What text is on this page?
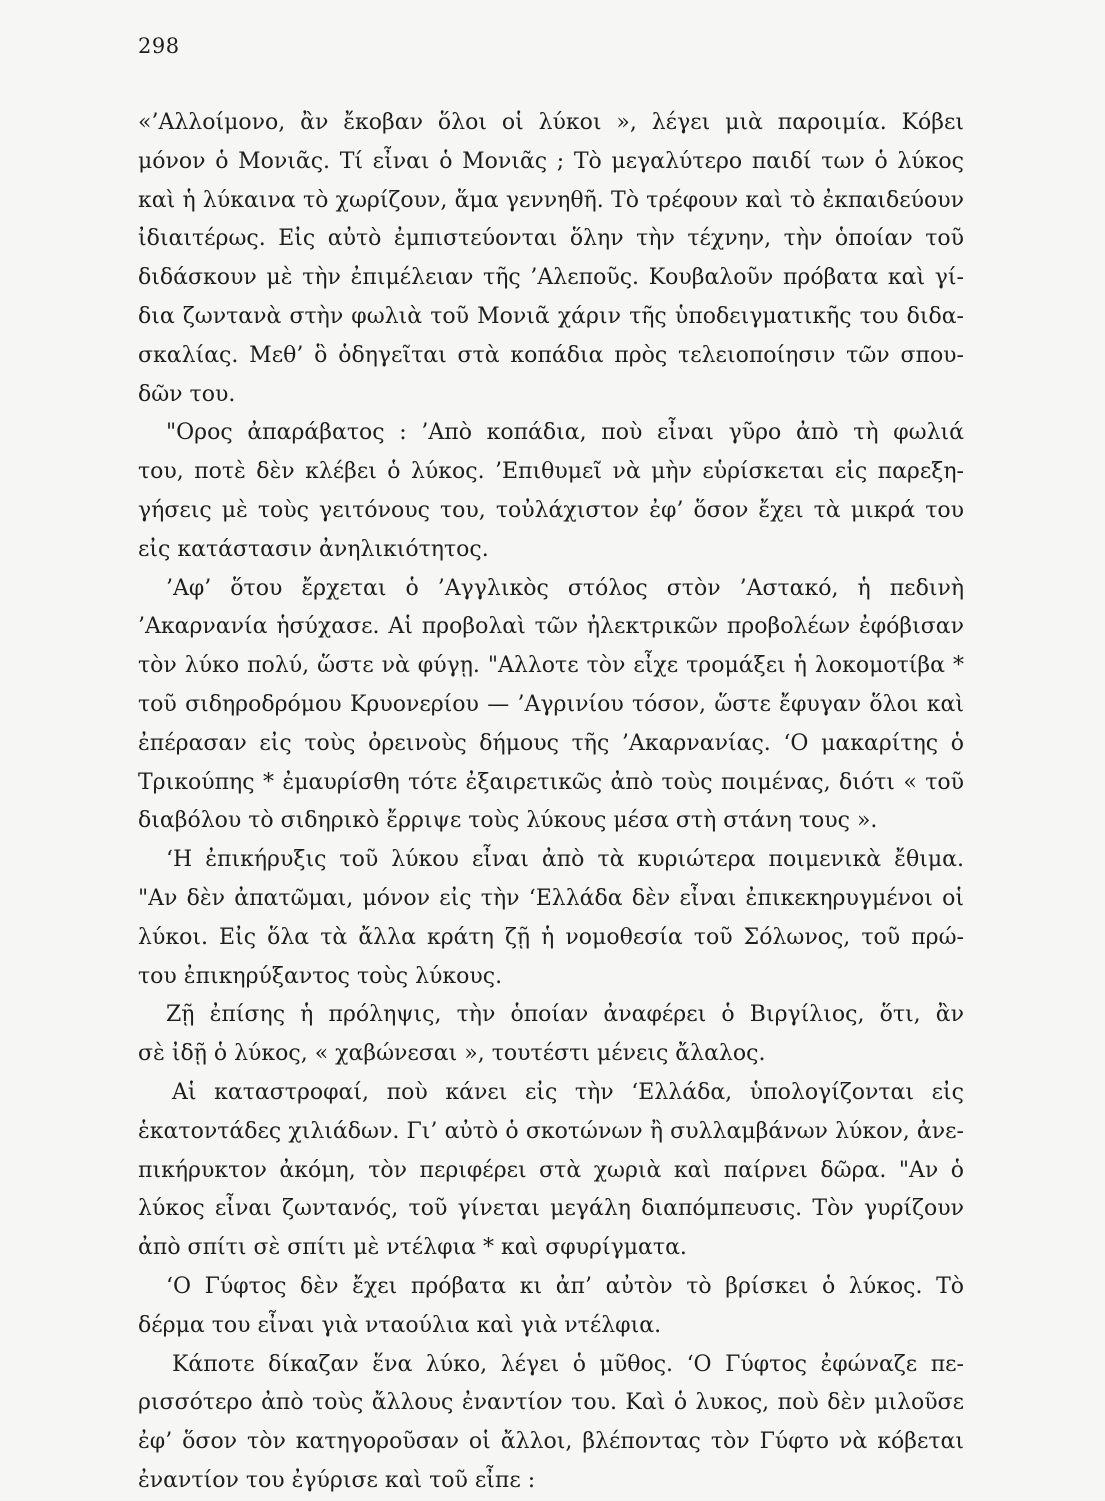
298
«’Αλλοίμονο, ἂν ἔκοβαν ὅλοι οἱ λύκοι », λέγει μιὰ παροιμία. Κόβει
μόνον ὁ Μονιᾶς. Τί εἶναι ὁ Μονιᾶς ; Τὸ μεγαλύτερο παιδί των ὁ λύκος
καὶ ἡ λύκαινα τὸ χωρίζουν, ἅμα γεννηθῆ. Τὸ τρέφουν καὶ τὸ ἐκπαιδεύουν
ἰδιαιτέρως. Εἰς αὐτὸ ἐμπιστεύονται ὅλην τὴν τέχνην, τὴν ὁποίαν τοῦ
διδάσκουν μὲ τὴν ἐπιμέλειαν τῆς ’Αλεποῦς. Κουβαλοῦν πρόβατα καὶ γί-
δια ζωντανὰ στὴν φωλιὰ τοῦ Μονιᾶ χάριν τῆς ὑποδειγματικῆς του διδα-
σκαλίας. Μεθ’ ὃ ὁδηγεῖται στὰ κοπάδια πρὸς τελειοποίησιν τῶν σπου-
δῶν του.
"Ορος ἀπαράβατος : ’Απὸ κοπάδια, ποὺ εἶναι γῦρο ἀπὸ τὴ φωλιά
του, ποτὲ δὲν κλέβει ὁ λύκος. ’Επιθυμεῖ νὰ μὴν εὑρίσκεται εἰς παρεξη-
γήσεις μὲ τοὺς γειτόνους του, τοὐλάχιστον ἐφ’ ὅσον ἔχει τὰ μικρά του
εἰς κατάστασιν ἀνηλικιότητος.
’Αφ’ ὅτου ἔρχεται ὁ ’Αγγλικὸς στόλος στὸν ’Αστακό, ἡ πεδινὴ
’Ακαρνανία ἡσύχασε. Αἱ προβολαὶ τῶν ἠλεκτρικῶν προβολέων ἐφόβισαν
τὸν λύκο πολύ, ὥστε νὰ φύγῃ. "Αλλοτε τὸν εἶχε τρομάξει ἡ λοκομοτίβα *
τοῦ σιδηροδρόμου Κρυονερίου — ’Αγρινίου τόσον, ὥστε ἔφυγαν ὅλοι καὶ
ἐπέρασαν εἰς τοὺς ὀρεινοὺς δήμους τῆς ’Ακαρνανίας. ‘Ο μακαρίτης ὁ
Τρικούπης * ἐμαυρίσθη τότε ἐξαιρετικῶς ἀπὸ τοὺς ποιμένας, διότι « τοῦ
διαβόλου τὸ σιδηρικὸ ἔρριψε τοὺς λύκους μέσα στὴ στάνη τους ».
‘Η ἐπικήρυξις τοῦ λύκου εἶναι ἀπὸ τὰ κυριώτερα ποιμενικὰ ἔθιμα.
"Αν δὲν ἀπατῶμαι, μόνον εἰς τὴν ‘Ελλάδα δὲν εἶναι ἐπικεκηρυγμένοι οἱ
λύκοι. Εἰς ὅλα τὰ ἄλλα κράτη ζῇ ἡ νομοθεσία τοῦ Σόλωνος, τοῦ πρώ-
του ἐπικηρύξαντος τοὺς λύκους.
Ζῇ ἐπίσης ἡ πρόληψις, τὴν ὁποίαν ἀναφέρει ὁ Βιργίλιος, ὅτι, ἂν
σὲ ἰδῇ ὁ λύκος, « χαβώνεσαι », τουτέστι μένεις ἄλαλος.
Αἱ καταστροφαί, ποὺ κάνει εἰς τὴν ‘Ελλάδα, ὑπολογίζονται εἰς
ἑκατοντάδες χιλιάδων. Γι’ αὐτὸ ὁ σκοτώνων ἢ συλλαμβάνων λύκον, ἀνε-
πικήρυκτον ἀκόμη, τὸν περιφέρει στὰ χωριὰ καὶ παίρνει δῶρα. "Αν ὁ
λύκος εἶναι ζωντανός, τοῦ γίνεται μεγάλη διαπόμπευσις. Τὸν γυρίζουν
ἀπὸ σπίτι σὲ σπίτι μὲ ντέλφια * καὶ σφυρίγματα.
‘Ο Γύφτος δὲν ἔχει πρόβατα κι ἀπ’ αὐτὸν τὸ βρίσκει ὁ λύκος. Τὸ
δέρμα του εἶναι γιὰ νταούλια καὶ γιὰ ντέλφια.
Κάποτε δίκαζαν ἕνα λύκο, λέγει ὁ μῦθος. ‘Ο Γύφτος ἐφώναζε πε-
ρισσότερο ἀπὸ τοὺς ἄλλους ἐναντίον του. Καὶ ὁ λυκος, ποὺ δὲν μιλοῦσε
ἐφ’ ὅσον τὸν κατηγοροῦσαν οἱ ἄλλοι, βλέποντας τὸν Γύφτο νὰ κόβεται
ἐναντίον του ἐγύρισε καὶ τοῦ εἶπε :
